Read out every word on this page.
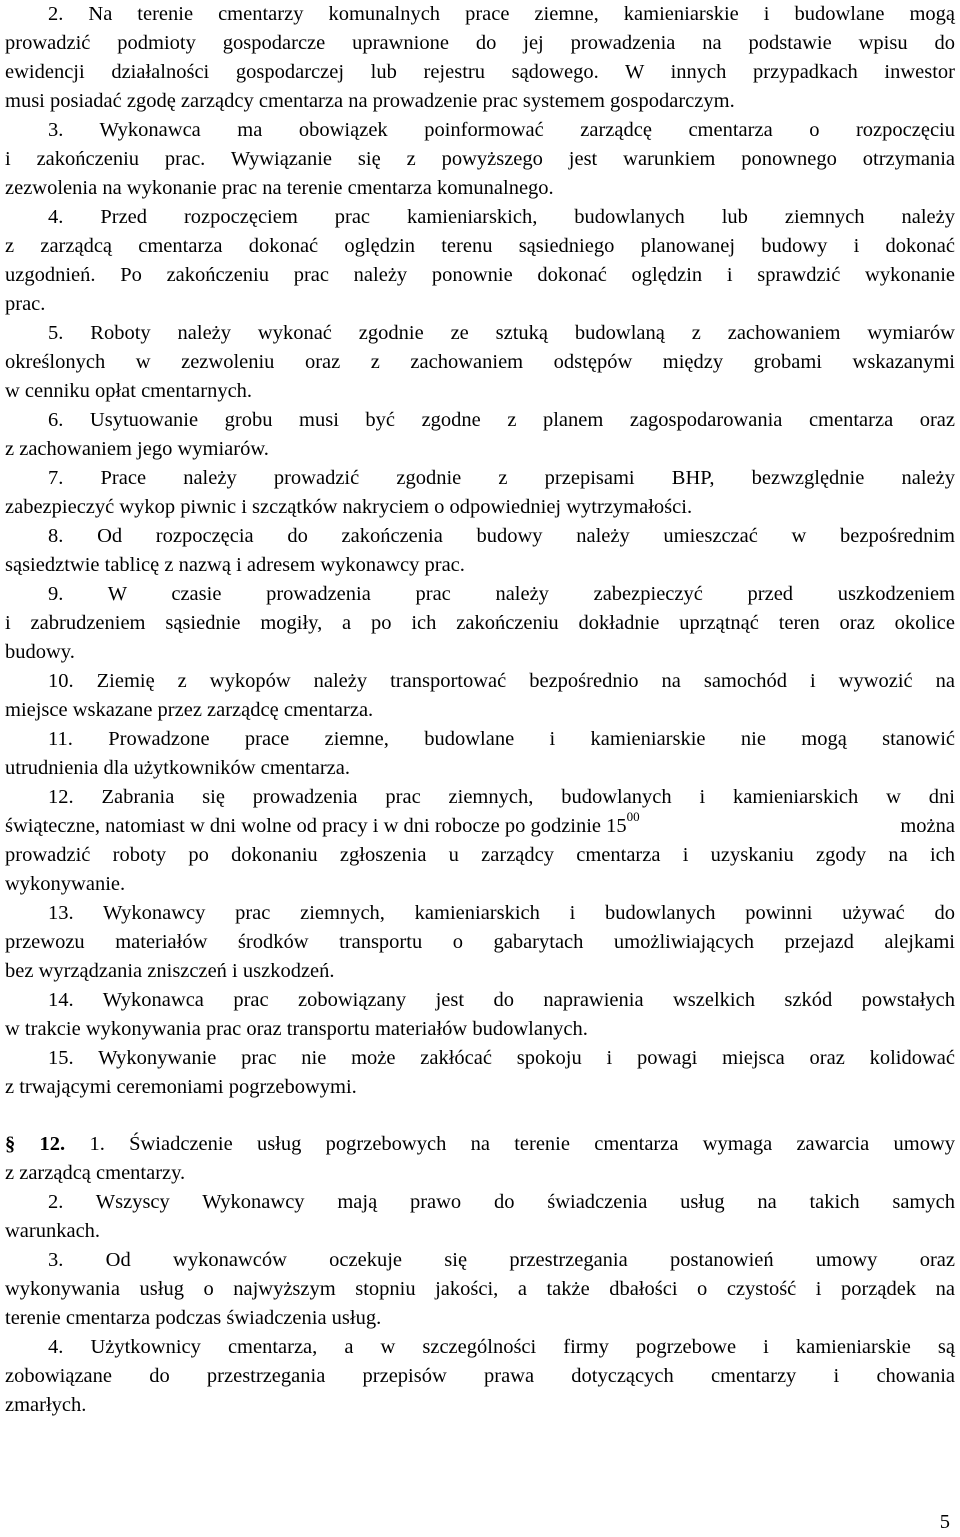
2. Na terenie cmentarzy komunalnych prace ziemne, kamieniarskie i budowlane mogą
prowadzić podmioty gospodarcze uprawnione do jej prowadzenia na podstawie wpisu do
ewidencji działalności gospodarczej lub rejestru sądowego. W innych przypadkach inwestor
musi posiadać zgodę zarządcy cmentarza na prowadzenie prac systemem gospodarczym.
3. Wykonawca ma obowiązek poinformować zarządcę cmentarza o rozpoczęciu
i zakończeniu prac. Wywiązanie się z powyższego jest warunkiem ponownego otrzymania
zezwolenia na wykonanie prac na terenie cmentarza komunalnego.
4. Przed rozpoczęciem prac kamieniarskich, budowlanych lub ziemnych należy
z zarządcą cmentarza dokonać oględzin terenu sąsiedniego planowanej budowy i dokonać
uzgodnień. Po zakończeniu prac należy ponownie dokonać oględzin i sprawdzić wykonanie
prac.
5. Roboty należy wykonać zgodnie ze sztuką budowlaną z zachowaniem wymiarów
określonych w zezwoleniu oraz z zachowaniem odstępów między grobami wskazanymi
w cenniku opłat cmentarnych.
6. Usytuowanie grobu musi być zgodne z planem zagospodarowania cmentarza oraz
z zachowaniem jego wymiarów.
7. Prace należy prowadzić zgodnie z przepisami BHP, bezwzględnie należy
zabezpieczyć wykop piwnic i szczątków nakryciem o odpowiedniej wytrzymałości.
8. Od rozpoczęcia do zakończenia budowy należy umieszczać w bezpośrednim
sąsiedztwie tablicę z nazwą i adresem wykonawcy prac.
9. W czasie prowadzenia prac należy zabezpieczyć przed uszkodzeniem
i zabrudzeniem sąsiednie mogiły, a po ich zakończeniu dokładnie uprzątnąć teren oraz okolice
budowy.
10. Ziemię z wykopów należy transportować bezpośrednio na samochód i wywozić na
miejsce wskazane przez zarządcę cmentarza.
11. Prowadzone prace ziemne, budowlane i kamieniarskie nie mogą stanowić
utrudnienia dla użytkowników cmentarza.
12. Zabrania się prowadzenia prac ziemnych, budowlanych i kamieniarskich w dni
świąteczne, natomiast w dni wolne od pracy i w dni robocze po godzinie $15^{00}$	można
prowadzić roboty po dokonaniu zgłoszenia u zarządcy cmentarza i uzyskaniu zgody na ich
wykonywanie.
13. Wykonawcy prac ziemnych, kamieniarskich i budowlanych powinni używać do
przewozu materiałów środków transportu o gabarytach umożliwiających przejazd alejkami
bez wyrządzania zniszczeń i uszkodzeń.
14. Wykonawca prac zobowiązany jest do naprawienia wszelkich szkód powstałych
w trakcie wykonywania prac oraz transportu materiałów budowlanych.
15. Wykonywanie prac nie może zakłócać spokoju i powagi miejsca oraz kolidować
z trwającymi ceremoniami pogrzebowymi.
§ 12. 1. Świadczenie usług pogrzebowych na terenie cmentarza wymaga zawarcia umowy
z zarządcą cmentarzy.
2. Wszyscy Wykonawcy mają prawo do świadczenia usług na takich samych
warunkach.
3. Od wykonawców oczekuje się przestrzegania postanowień umowy oraz
wykonywania usług o najwyższym stopniu jakości, a także dbałości o czystość i porządek na
terenie cmentarza podczas świadczenia usług.
4. Użytkownicy cmentarza, a w szczególności firmy pogrzebowe i kamieniarskie są
zobowiązane do przestrzegania przepisów prawa dotyczących cmentarzy i chowania
zmarłych.
5
